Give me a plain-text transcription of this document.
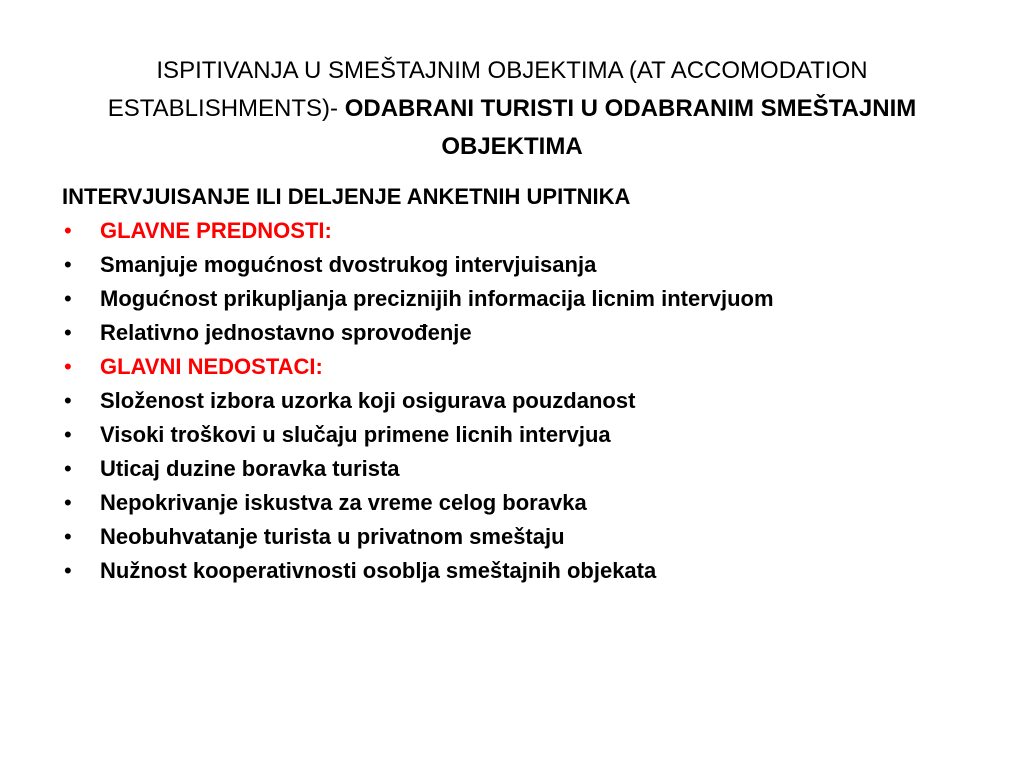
ISPITIVANJA U SMEŠTAJNIM OBJEKTIMA (AT ACCOMODATION ESTABLISHMENTS)- ODABRANI TURISTI U ODABRANIM SMEŠTAJNIM OBJEKTIMA

INTERVJUISANJE ILI DELJENJE ANKETNIH UPITNIKA

• GLAVNE PREDNOSTI:
• Smanjuje mogućnost dvostrukog intervjuisanja
• Mogućnost prikupljanja preciznijih informacija licnim intervjuom
• Relativno jednostavno sprovođenje
• GLAVNI NEDOSTACI:
• Složenost izbora uzorka koji osigurava pouzdanost
• Visoki troškovi u slučaju primene licnih intervjua
• Uticaj duzine boravka turista
• Nepokrivanje iskustva za vreme celog boravka
• Neobuhvatanje turista u privatnom smeštaju
• Nužnost kooperativnosti osoblja smeštajnih objekata
